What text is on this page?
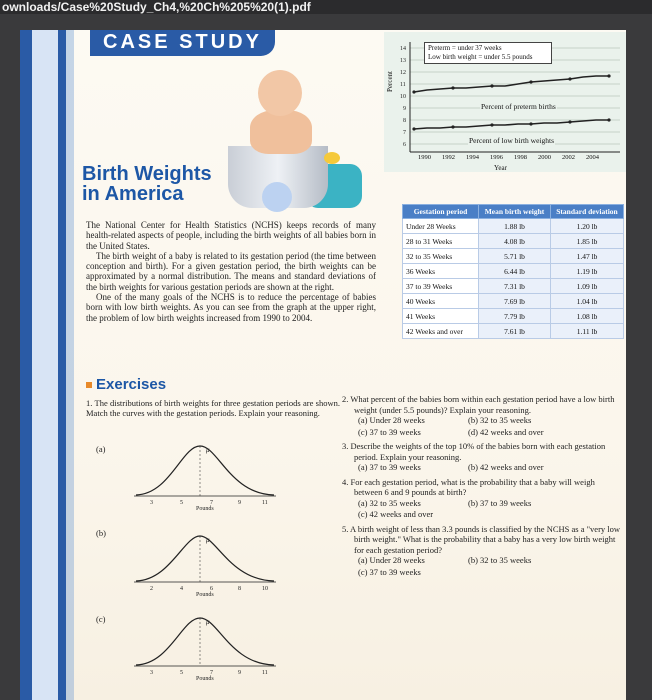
ownloads/Case%20Study_Ch4,%20Ch%205%20(1).pdf
CASE STUDY
Birth Weights
in America

The National Center for Health Statistics (NCHS) keeps records of many health-related aspects of people, including the birth weights of all babies born in the United States.

The birth weight of a baby is related to its gestation period (the time between conception and birth). For a given gestation period, the birth weights can be approximated by a normal distribution. The means and standard deviations of the birth weights for various gestation periods are shown at the right.

One of the many goals of the NCHS is to reduce the percentage of babies born with low birth weights. As you can see from the graph at the upper right, the problem of low birth weights increased from 1990 to 2004.

14
13
12
11
10
9
8
7
6
Preterm = under 37 weeks
Low birth weight = under 5.5 pounds
Percent of preterm births
Percent of low birth weights
Percent
1990 1992 1994 1996 1998 2000 2002 2004
Year
Gestation period	Mean birth weight	Standard deviation
Under 28 Weeks	1.88 lb	1.20 lb
28 to 31 Weeks	4.08 lb	1.85 lb
32 to 35 Weeks	5.71 lb	1.47 lb
36 Weeks	6.44 lb	1.19 lb
37 to 39 Weeks	7.31 lb	1.09 lb
40 Weeks	7.69 lb	1.04 lb
41 Weeks	7.79 lb	1.08 lb
42 Weeks and over	7.61 lb	1.11 lb
Exercises
1. The distributions of birth weights for three gestation periods are shown. Match the curves with the gestation periods. Explain your reasoning.
(a)	μ
3	5	7	9	11
Pounds
(b)
μ
2	4	6	8	10
Pounds
(c)	μ
3	5	7	9	11
Pounds
2. What percent of the babies born within each gestation period have a low birth weight (under 5.5 pounds)? Explain your reasoning.
(a) Under 28 weeks	(b) 32 to 35 weeks
(c) 37 to 39 weeks	(d) 42 weeks and over
3. Describe the weights of the top 10% of the babies born with each gestation period. Explain your reasoning.
(a) 37 to 39 weeks	(b) 42 weeks and over
4. For each gestation period, what is the probability that a baby will weigh between 6 and 9 pounds at birth?
(a) 32 to 35 weeks	(b) 37 to 39 weeks
(c) 42 weeks and over
5. A birth weight of less than 3.3 pounds is classified by the NCHS as a "very low birth weight." What is the probability that a baby has a very low birth weight for each gestation period?
(a) Under 28 weeks	(b) 32 to 35 weeks
(c) 37 to 39 weeks
